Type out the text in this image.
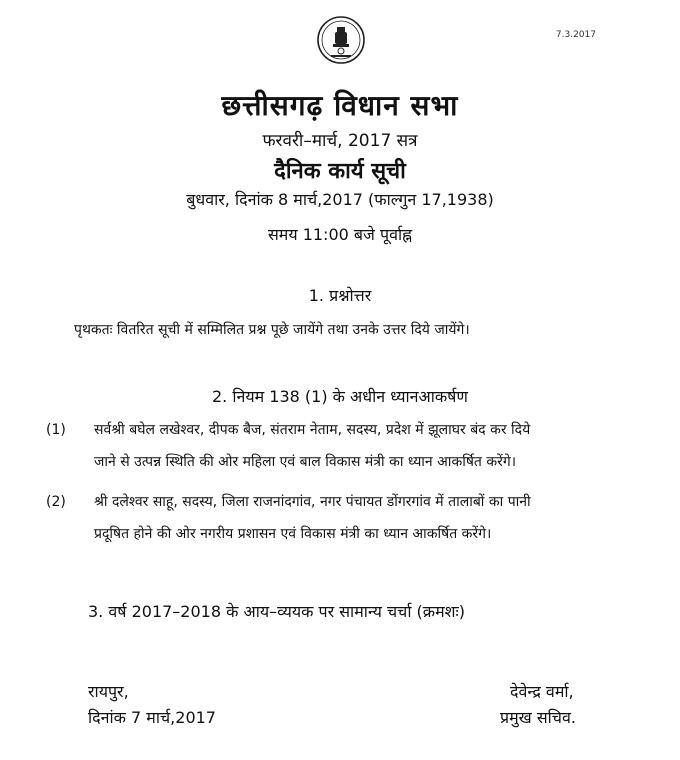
7.3.2017
छत्तीसगढ़ विधान सभा
फरवरी–मार्च, 2017 सत्र
दैनिक कार्य सूची
बुधवार, दिनांक 8 मार्च,2017 (फाल्गुन 17,1938)
समय 11:00 बजे पूर्वाह्न
1. प्रश्नोत्तर
पृथकतः वितरित सूची में सम्मिलित प्रश्न पूछे जायेंगे तथा उनके उत्तर दिये जायेंगे।
2. नियम 138 (1) के अधीन ध्यानआकर्षण
(1) सर्वश्री बघेल लखेश्वर, दीपक बैज, संतराम नेताम, सदस्य, प्रदेश में झूलाघर बंद कर दिये
जाने से उत्पन्न स्थिति की ओर महिला एवं बाल विकास मंत्री का ध्यान आकर्षित करेंगे।
(2) श्री दलेश्वर साहू, सदस्य, जिला राजनांदगांव, नगर पंचायत डोंगरगांव में तालाबों का पानी
प्रदूषित होने की ओर नगरीय प्रशासन एवं विकास मंत्री का ध्यान आकर्षित करेंगे।
3. वर्ष 2017–2018 के आय–व्ययक पर सामान्य चर्चा (क्रमशः)
रायपुर,
दिनांक 7 मार्च,2017
देवेन्द्र वर्मा,
प्रमुख सचिव.
